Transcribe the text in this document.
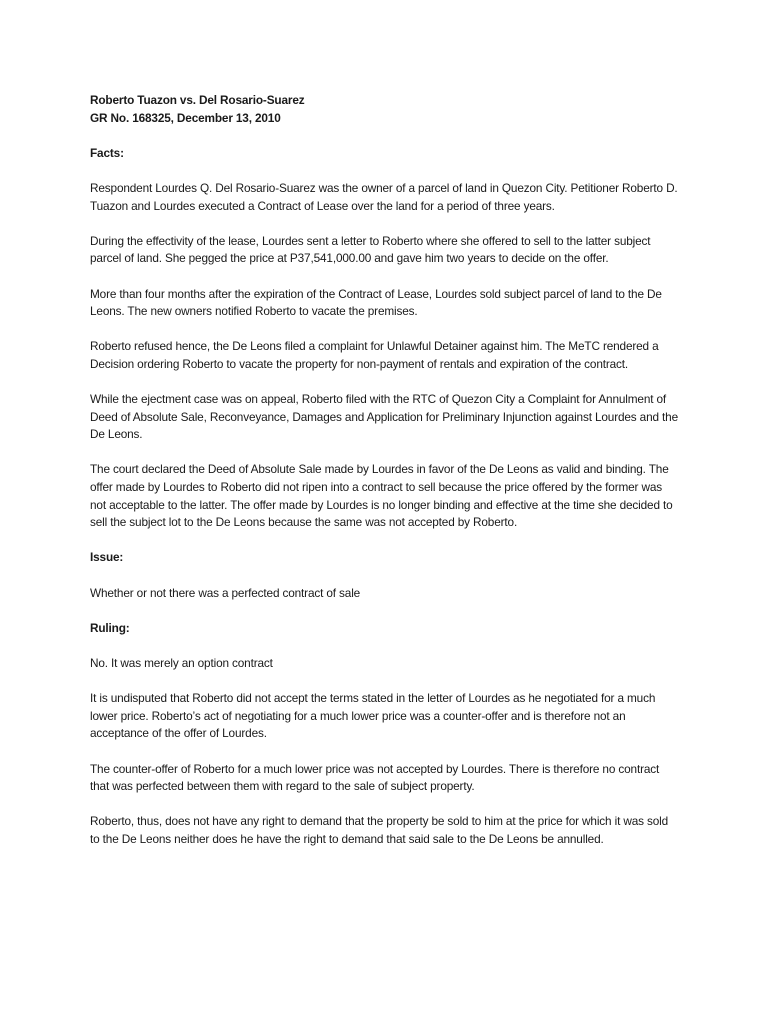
Roberto Tuazon vs. Del Rosario-Suarez

GR No. 168325, December 13, 2010

Facts:

Respondent Lourdes Q. Del Rosario-Suarez was the owner of a parcel of land in Quezon City. Petitioner Roberto D. Tuazon and Lourdes executed a Contract of Lease over the land for a period of three years.

During the effectivity of the lease, Lourdes sent a letter to Roberto where she offered to sell to the latter subject parcel of land. She pegged the price at P37,541,000.00 and gave him two years to decide on the offer.

More than four months after the expiration of the Contract of Lease, Lourdes sold subject parcel of land to the De Leons. The new owners notified Roberto to vacate the premises.

Roberto refused hence, the De Leons filed a complaint for Unlawful Detainer against him. The MeTC rendered a Decision ordering Roberto to vacate the property for non-payment of rentals and expiration of the contract.

While the ejectment case was on appeal, Roberto filed with the RTC of Quezon City a Complaint for Annulment of Deed of Absolute Sale, Reconveyance, Damages and Application for Preliminary Injunction against Lourdes and the De Leons.

The court declared the Deed of Absolute Sale made by Lourdes in favor of the De Leons as valid and binding. The offer made by Lourdes to Roberto did not ripen into a contract to sell because the price offered by the former was not acceptable to the latter. The offer made by Lourdes is no longer binding and effective at the time she decided to sell the subject lot to the De Leons because the same was not accepted by Roberto.

Issue:

Whether or not there was a perfected contract of sale

Ruling:

No. It was merely an option contract

It is undisputed that Roberto did not accept the terms stated in the letter of Lourdes as he negotiated for a much lower price. Roberto’s act of negotiating for a much lower price was a counter-offer and is therefore not an acceptance of the offer of Lourdes.

The counter-offer of Roberto for a much lower price was not accepted by Lourdes. There is therefore no contract that was perfected between them with regard to the sale of subject property.

Roberto, thus, does not have any right to demand that the property be sold to him at the price for which it was sold to the De Leons neither does he have the right to demand that said sale to the De Leons be annulled.
